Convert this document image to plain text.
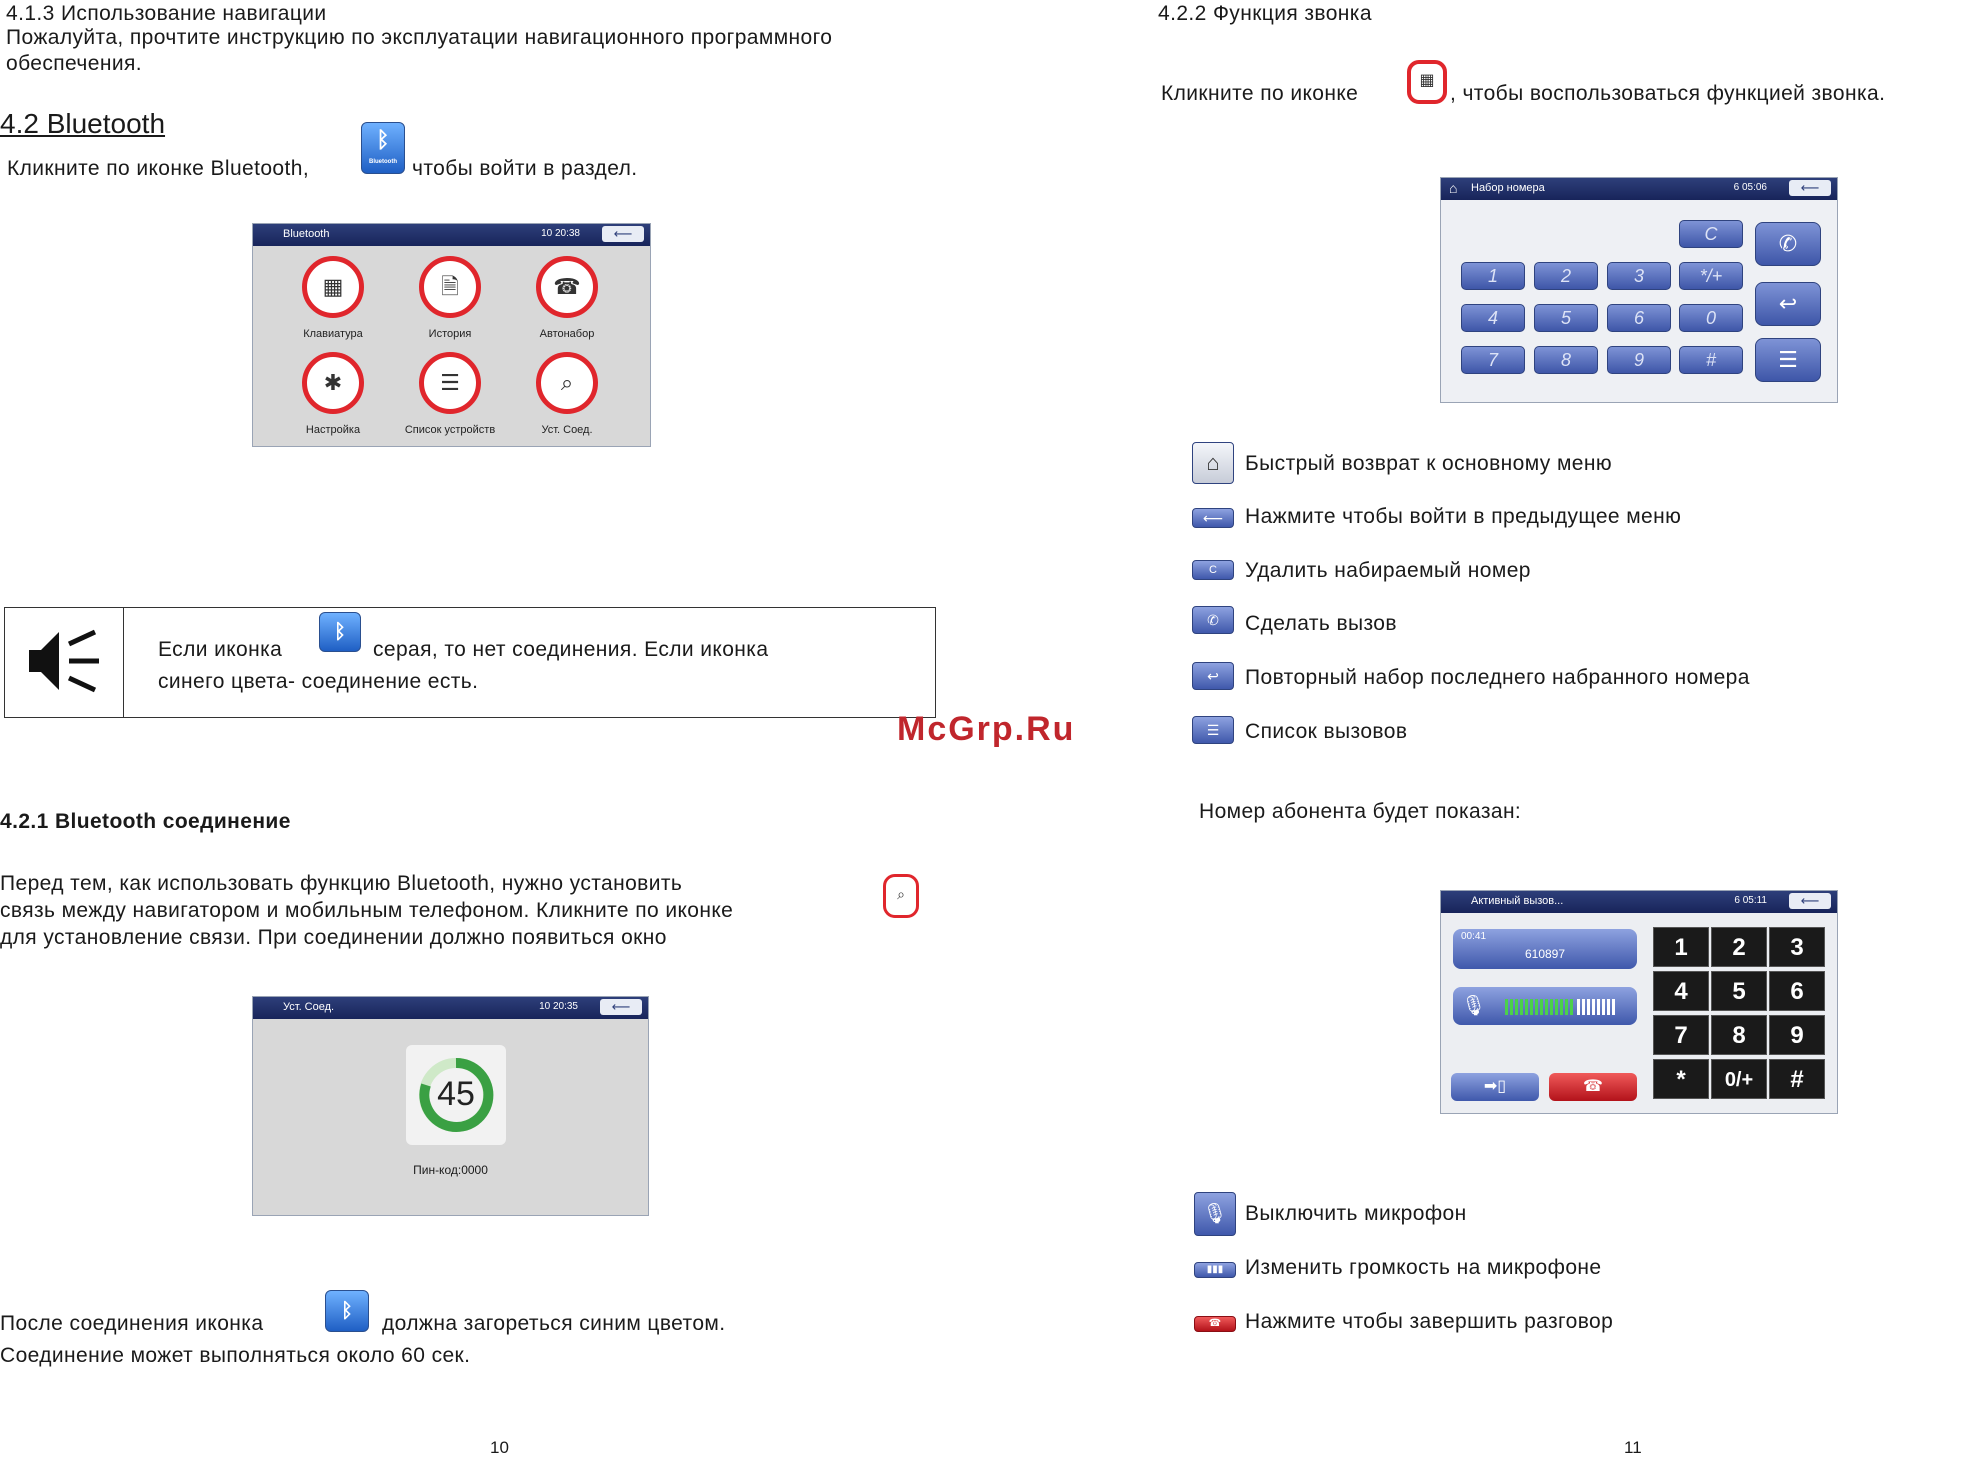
4.1.3 Использование навигации
Пожалуйта, прочтите инструкцию по эксплуатации навигационного программного
обеспечения.
4.2 Bluetooth
Кликните по иконке Bluetooth,
ᛒ
Bluetooth чтобы войти в раздел.
Bluetooth	10 20:38	⟵
▦
Клавиатура
🗎
История
☎
Автонабор
✱
Настройка
☰
Список устройств
⌕
Уст. Соед.
Если иконка
ᛒ
серая, то нет соединения. Если иконка
синего цвета- соединение есть.
McGrp.Ru
4.2.1 Bluetooth соединение
Перед тем, как использовать функцию Bluetooth, нужно установить
связь между навигатором и мобильным телефоном. Кликните по иконке
для установление связи. При соединении должно появиться окно
⌕
Уст. Соед.	10 20:35	⟵
45
Пин-код:0000
После соединения иконка
ᛒ
должна загореться синим цветом.
Соединение может выполняться около 60 сек.
10
4.2.2 Функция звонка
Кликните по иконке
▦
, чтобы воспользоваться функцией звонка.
⌂ Набор номера	6 05:06	⟵
C
1	2	3	*/+
4	5	6	0
7	8	9	#
✆
↩
☰
⌂	Быстрый возврат к основному меню
⟵	Нажмите чтобы войти в предыдущее меню
C	Удалить набираемый номер
✆	Сделать вызов
↩	Повторный набор последнего набранного номера
☰	Список вызовов
Номер абонента будет показан:
Активный вызов...	6 05:11	⟵
00:41
610897
🎙
➡▯	☎
1	2	3
4	5	6
7	8	9
*	0/+	#
🎙 Выключить микрофон
▮▮▮	Изменить громкость на микрофоне
☎	Нажмите чтобы завершить разговор
11
